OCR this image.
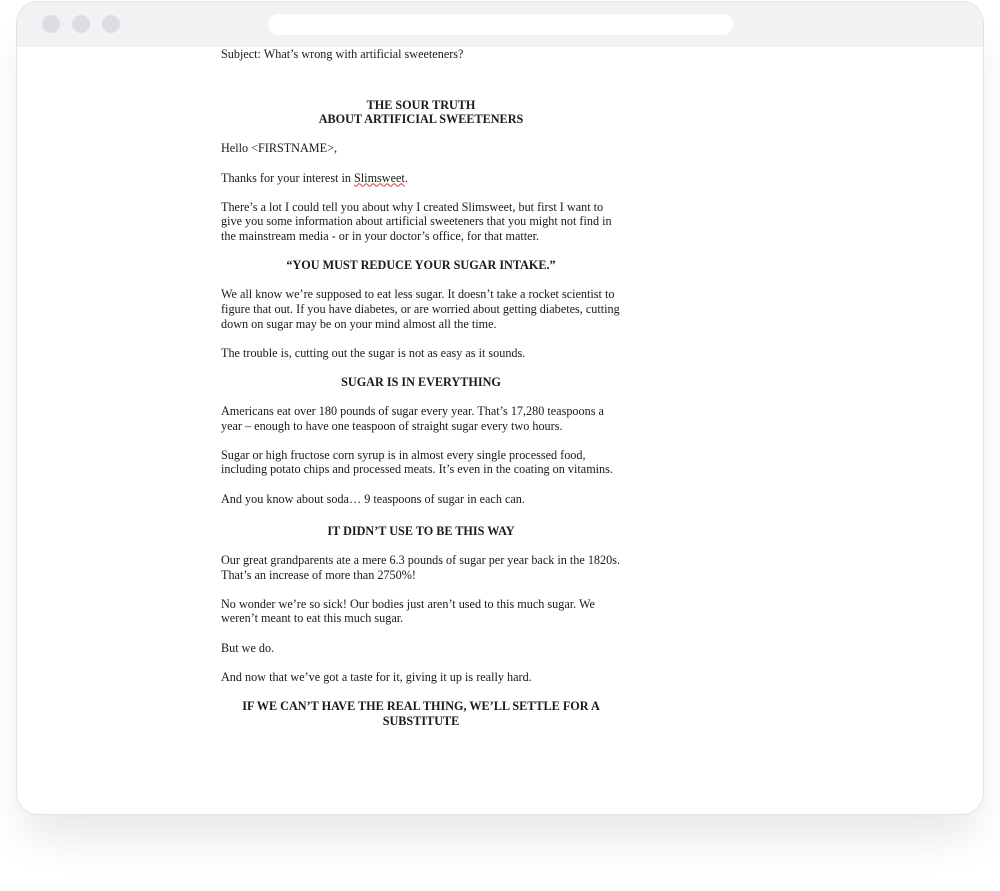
Subject: What’s wrong with artificial sweeteners?

THE SOUR TRUTH
ABOUT ARTIFICIAL SWEETENERS

Hello <FIRSTNAME>,

Thanks for your interest in Slimsweet.

There’s a lot I could tell you about why I created Slimsweet, but first I want to give you some information about artificial sweeteners that you might not find in the mainstream media - or in your doctor’s office, for that matter.

“YOU MUST REDUCE YOUR SUGAR INTAKE.”

We all know we’re supposed to eat less sugar. It doesn’t take a rocket scientist to figure that out. If you have diabetes, or are worried about getting diabetes, cutting down on sugar may be on your mind almost all the time.

The trouble is, cutting out the sugar is not as easy as it sounds.

SUGAR IS IN EVERYTHING

Americans eat over 180 pounds of sugar every year. That’s 17,280 teaspoons a year – enough to have one teaspoon of straight sugar every two hours.

Sugar or high fructose corn syrup is in almost every single processed food, including potato chips and processed meats. It’s even in the coating on vitamins.

And you know about soda… 9 teaspoons of sugar in each can.

IT DIDN’T USE TO BE THIS WAY

Our great grandparents ate a mere 6.3 pounds of sugar per year back in the 1820s. That’s an increase of more than 2750%!

No wonder we’re so sick! Our bodies just aren’t used to this much sugar. We weren’t meant to eat this much sugar.

But we do.

And now that we’ve got a taste for it, giving it up is really hard.

IF WE CAN’T HAVE THE REAL THING, WE’LL SETTLE FOR A SUBSTITUTE
